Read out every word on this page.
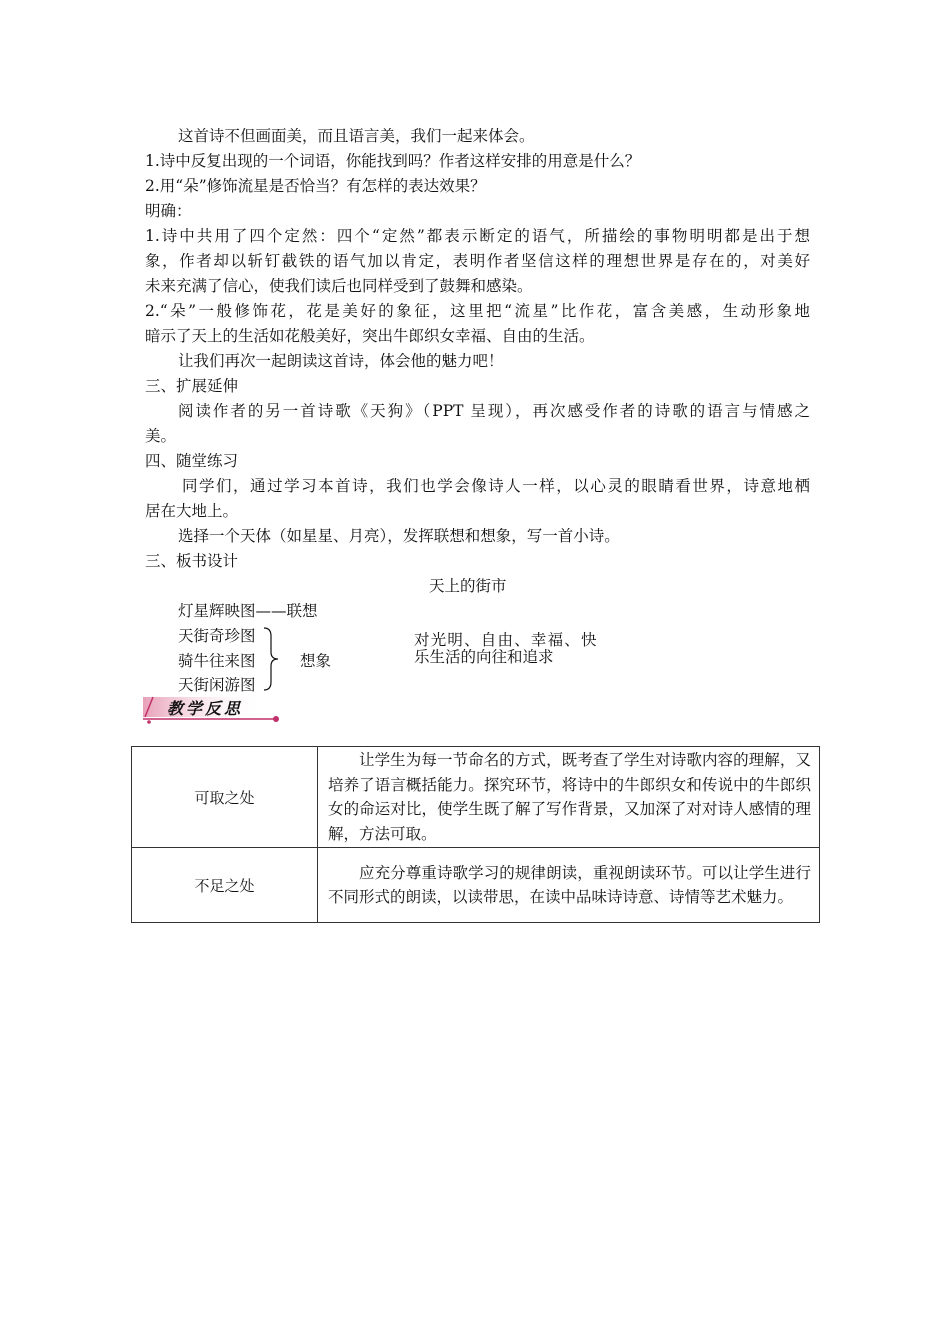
这首诗不但画面美，而且语言美，我们一起来体会。
1.诗中反复出现的一个词语，你能找到吗？作者这样安排的用意是什么？
2.用“朵”修饰流星是否恰当？有怎样的表达效果？
明确：
1.诗中共用了四个定然：四个“定然”都表示断定的语气，所描绘的事物明明都是出于想
象，作者却以斩钉截铁的语气加以肯定，表明作者坚信这样的理想世界是存在的，对美好
未来充满了信心，使我们读后也同样受到了鼓舞和感染。
2.“朵”一般修饰花，花是美好的象征，这里把“流星”比作花，富含美感，生动形象地
暗示了天上的生活如花般美好，突出牛郎织女幸福、自由的生活。
让我们再次一起朗读这首诗，体会他的魅力吧！
三、扩展延伸
阅读作者的另一首诗歌《天狗》（PPT 呈现），再次感受作者的诗歌的语言与情感之
美。
四、随堂练习
同学们，通过学习本首诗，我们也学会像诗人一样，以心灵的眼睛看世界，诗意地栖
居在大地上。
选择一个天体（如星星、月亮），发挥联想和想象，写一首小诗。
三、板书设计
天上的街市
灯星辉映图——联想
天街奇珍图
骑牛往来图
天街闲游图
想象
对光明、自由、幸福、快
乐生活的向往和追求
教学反思
可取之处	让学生为每一节命名的方式，既考查了学生对诗歌内容的理解，又培养了语言概括能力。探究环节，将诗中的牛郎织女和传说中的牛郎织女的命运对比，使学生既了解了写作背景，又加深了对对诗人感情的理解，方法可取。

不足之处	应充分尊重诗歌学习的规律朗读，重视朗读环节。可以让学生进行不同形式的朗读，以读带思，在读中品味诗诗意、诗情等艺术魅力。
